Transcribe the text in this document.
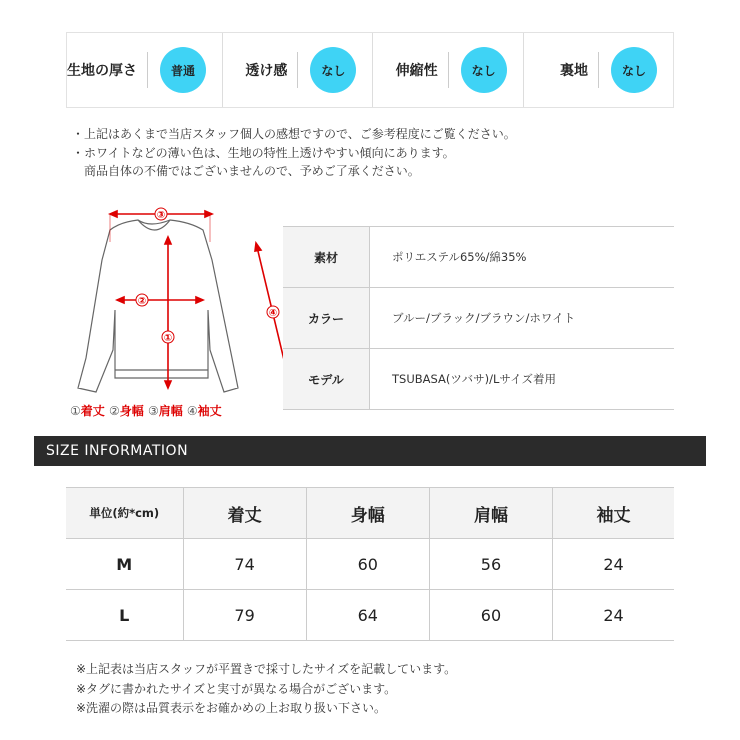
生地の厚さ	普通	透け感	なし	伸縮性	なし	裏地	なし
・上記はあくまで当店スタッフ個人の感想ですので、ご参考程度にご覧ください。
・ホワイトなどの薄い色は、生地の特性上透けやすい傾向にあります。
　商品自体の不備ではございませんので、予めご了承ください。
③
②
①
④
①着丈 ②身幅 ③肩幅 ④袖丈
素材	ポリエステル65%/綿35%
カラー	ブルー/ブラック/ブラウン/ホワイト
モデル	TSUBASA(ツバサ)/Lサイズ着用
SIZE INFORMATION
単位(約*cm)	着丈	身幅	肩幅	袖丈
M	74	60	56	24
L	79	64	60	24
※上記表は当店スタッフが平置きで採寸したサイズを記載しています。
※タグに書かれたサイズと実寸が異なる場合がございます。
※洗濯の際は品質表示をお確かめの上お取り扱い下さい。
